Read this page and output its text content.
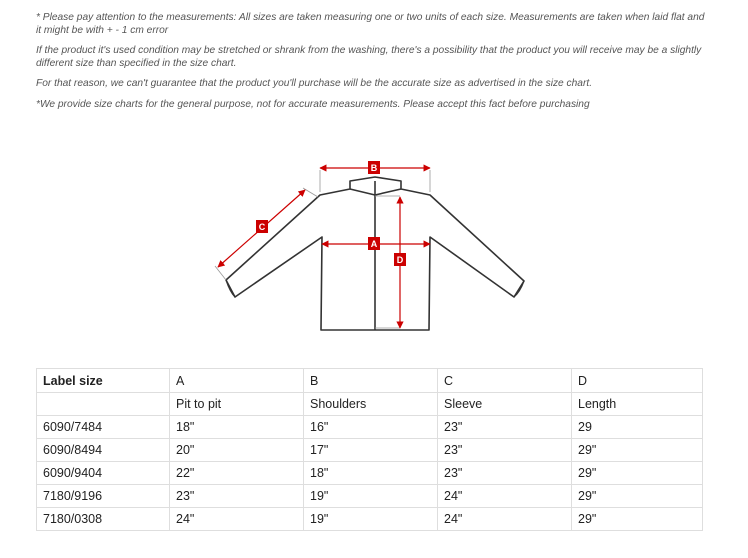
* Please pay attention to the measurements: All sizes are taken measuring one or two units of each size. Measurements are taken when laid flat and it might be with + - 1 cm error

If the product it's used condition may be stretched or shrank from the washing, there's a possibility that the product you will receive may be a slightly different size than specified in the size chart.

For that reason, we can't guarantee that the product you'll purchase will be the accurate size as advertised in the size chart.

*We provide size charts for the general purpose, not for accurate measurements. Please accept this fact before purchasing

B
A
C
D
Label size	A	B	C	D
	Pit to pit	Shoulders	Sleeve	Length
6090/7484	18"	16"	23"	29
6090/8494	20"	17"	23"	29"
6090/9404	22"	18"	23"	29"
7180/9196	23"	19"	24"	29"
7180/0308	24"	19"	24"	29"
